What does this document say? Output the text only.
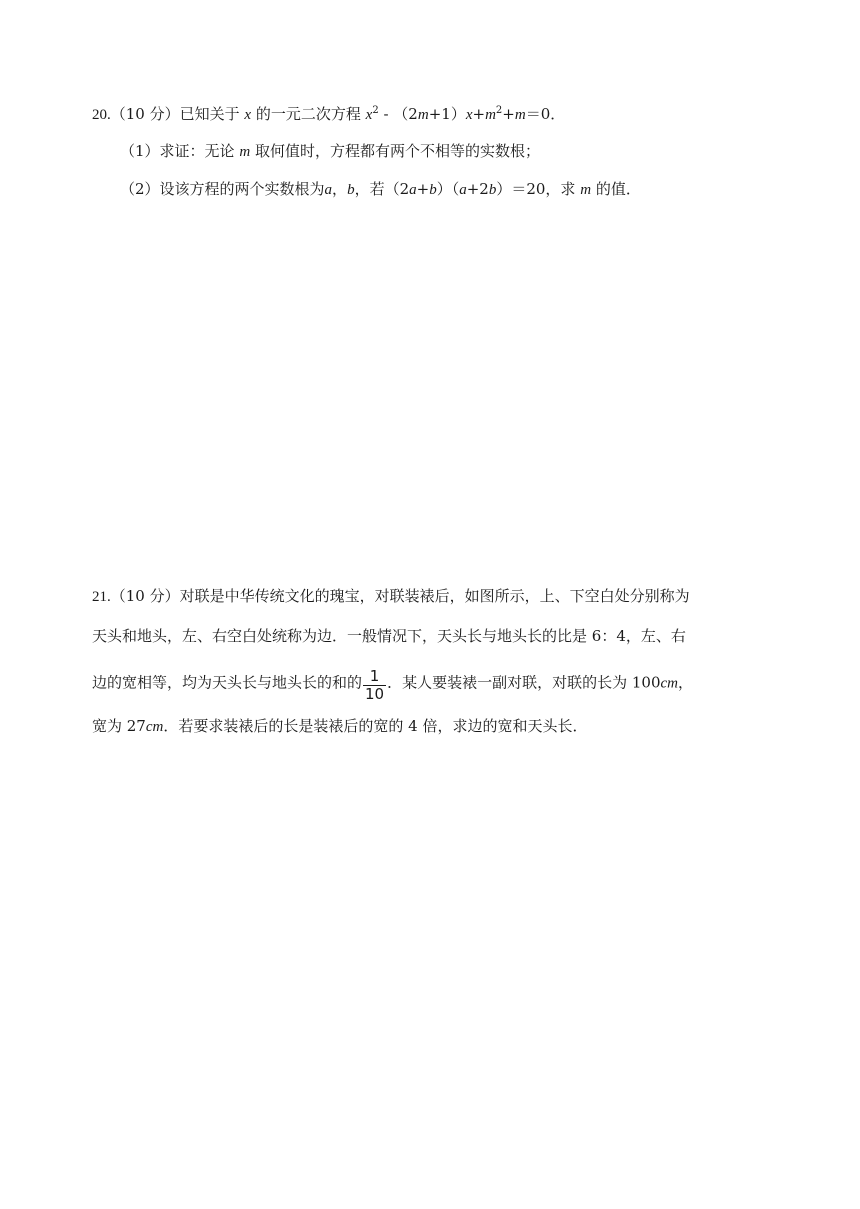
20.（10 分）已知关于 x 的一元二次方程 $x^2 - (2m+1)x+m^2+m=0$．
（1）求证：无论 m 取何值时，方程都有两个不相等的实数根；
（2）设该方程的两个实数根为a，b，若（2a+b）（a+2b）＝20，求 m 的值．
21.（10 分）对联是中华传统文化的瑰宝，对联装裱后，如图所示，上、下空白处分别称为
天头和地头，左、右空白处统称为边．一般情况下，天头长与地头长的比是 6：4，左、右
边的宽相等，均为天头长与地头长的和的 $\frac{1}{10}$ ．某人要装裱一副对联，对联的长为 100cm，
宽为 27cm．若要求装裱后的长是装裱后的宽的 4 倍，求边的宽和天头长．
